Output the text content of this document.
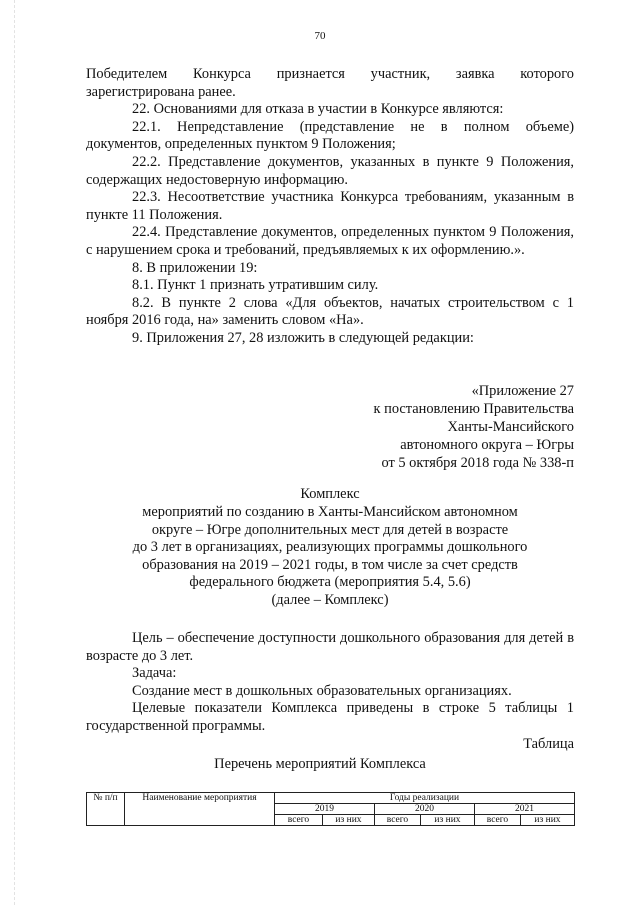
70

Победителем Конкурса признается участник, заявка которого

зарегистрирована ранее.

22. Основаниями для отказа в участии в Конкурсе являются:

22.1. Непредставление (представление не в полном объеме) документов, определенных пунктом 9 Положения;

22.2. Представление документов, указанных в пункте 9 Положения, содержащих недостоверную информацию.

22.3. Несоответствие участника Конкурса требованиям, указанным в пункте 11 Положения.

22.4. Представление документов, определенных пунктом 9 Положения, с нарушением срока и требований, предъявляемых к их оформлению.».

8. В приложении 19:

8.1. Пункт 1 признать утратившим силу.

8.2. В пункте 2 слова «Для объектов, начатых строительством с 1 ноября 2016 года, на» заменить словом «На».

9. Приложения 27, 28 изложить в следующей редакции:

«Приложение 27
к постановлению Правительства
Ханты-Мансийского
автономного округа – Югры
от 5 октября 2018 года № 338-п
Комплекс
мероприятий по созданию в Ханты-Мансийском автономном
округе – Югре дополнительных мест для детей в возрасте
до 3 лет в организациях, реализующих программы дошкольного
образования на 2019 – 2021 годы, в том числе за счет средств
федерального бюджета (мероприятия 5.4, 5.6)
(далее – Комплекс)

Цель – обеспечение доступности дошкольного образования для детей в возрасте до 3 лет.

Задача:

Создание мест в дошкольных образовательных организациях.

Целевые показатели Комплекса приведены в строке 5 таблицы 1 государственной программы.

Таблица
Перечень мероприятий Комплекса
№ п/п	Наименование мероприятия	Годы реализации					
		2019		2020		2021	
		всего	из них	всего	из них	всего	из них
